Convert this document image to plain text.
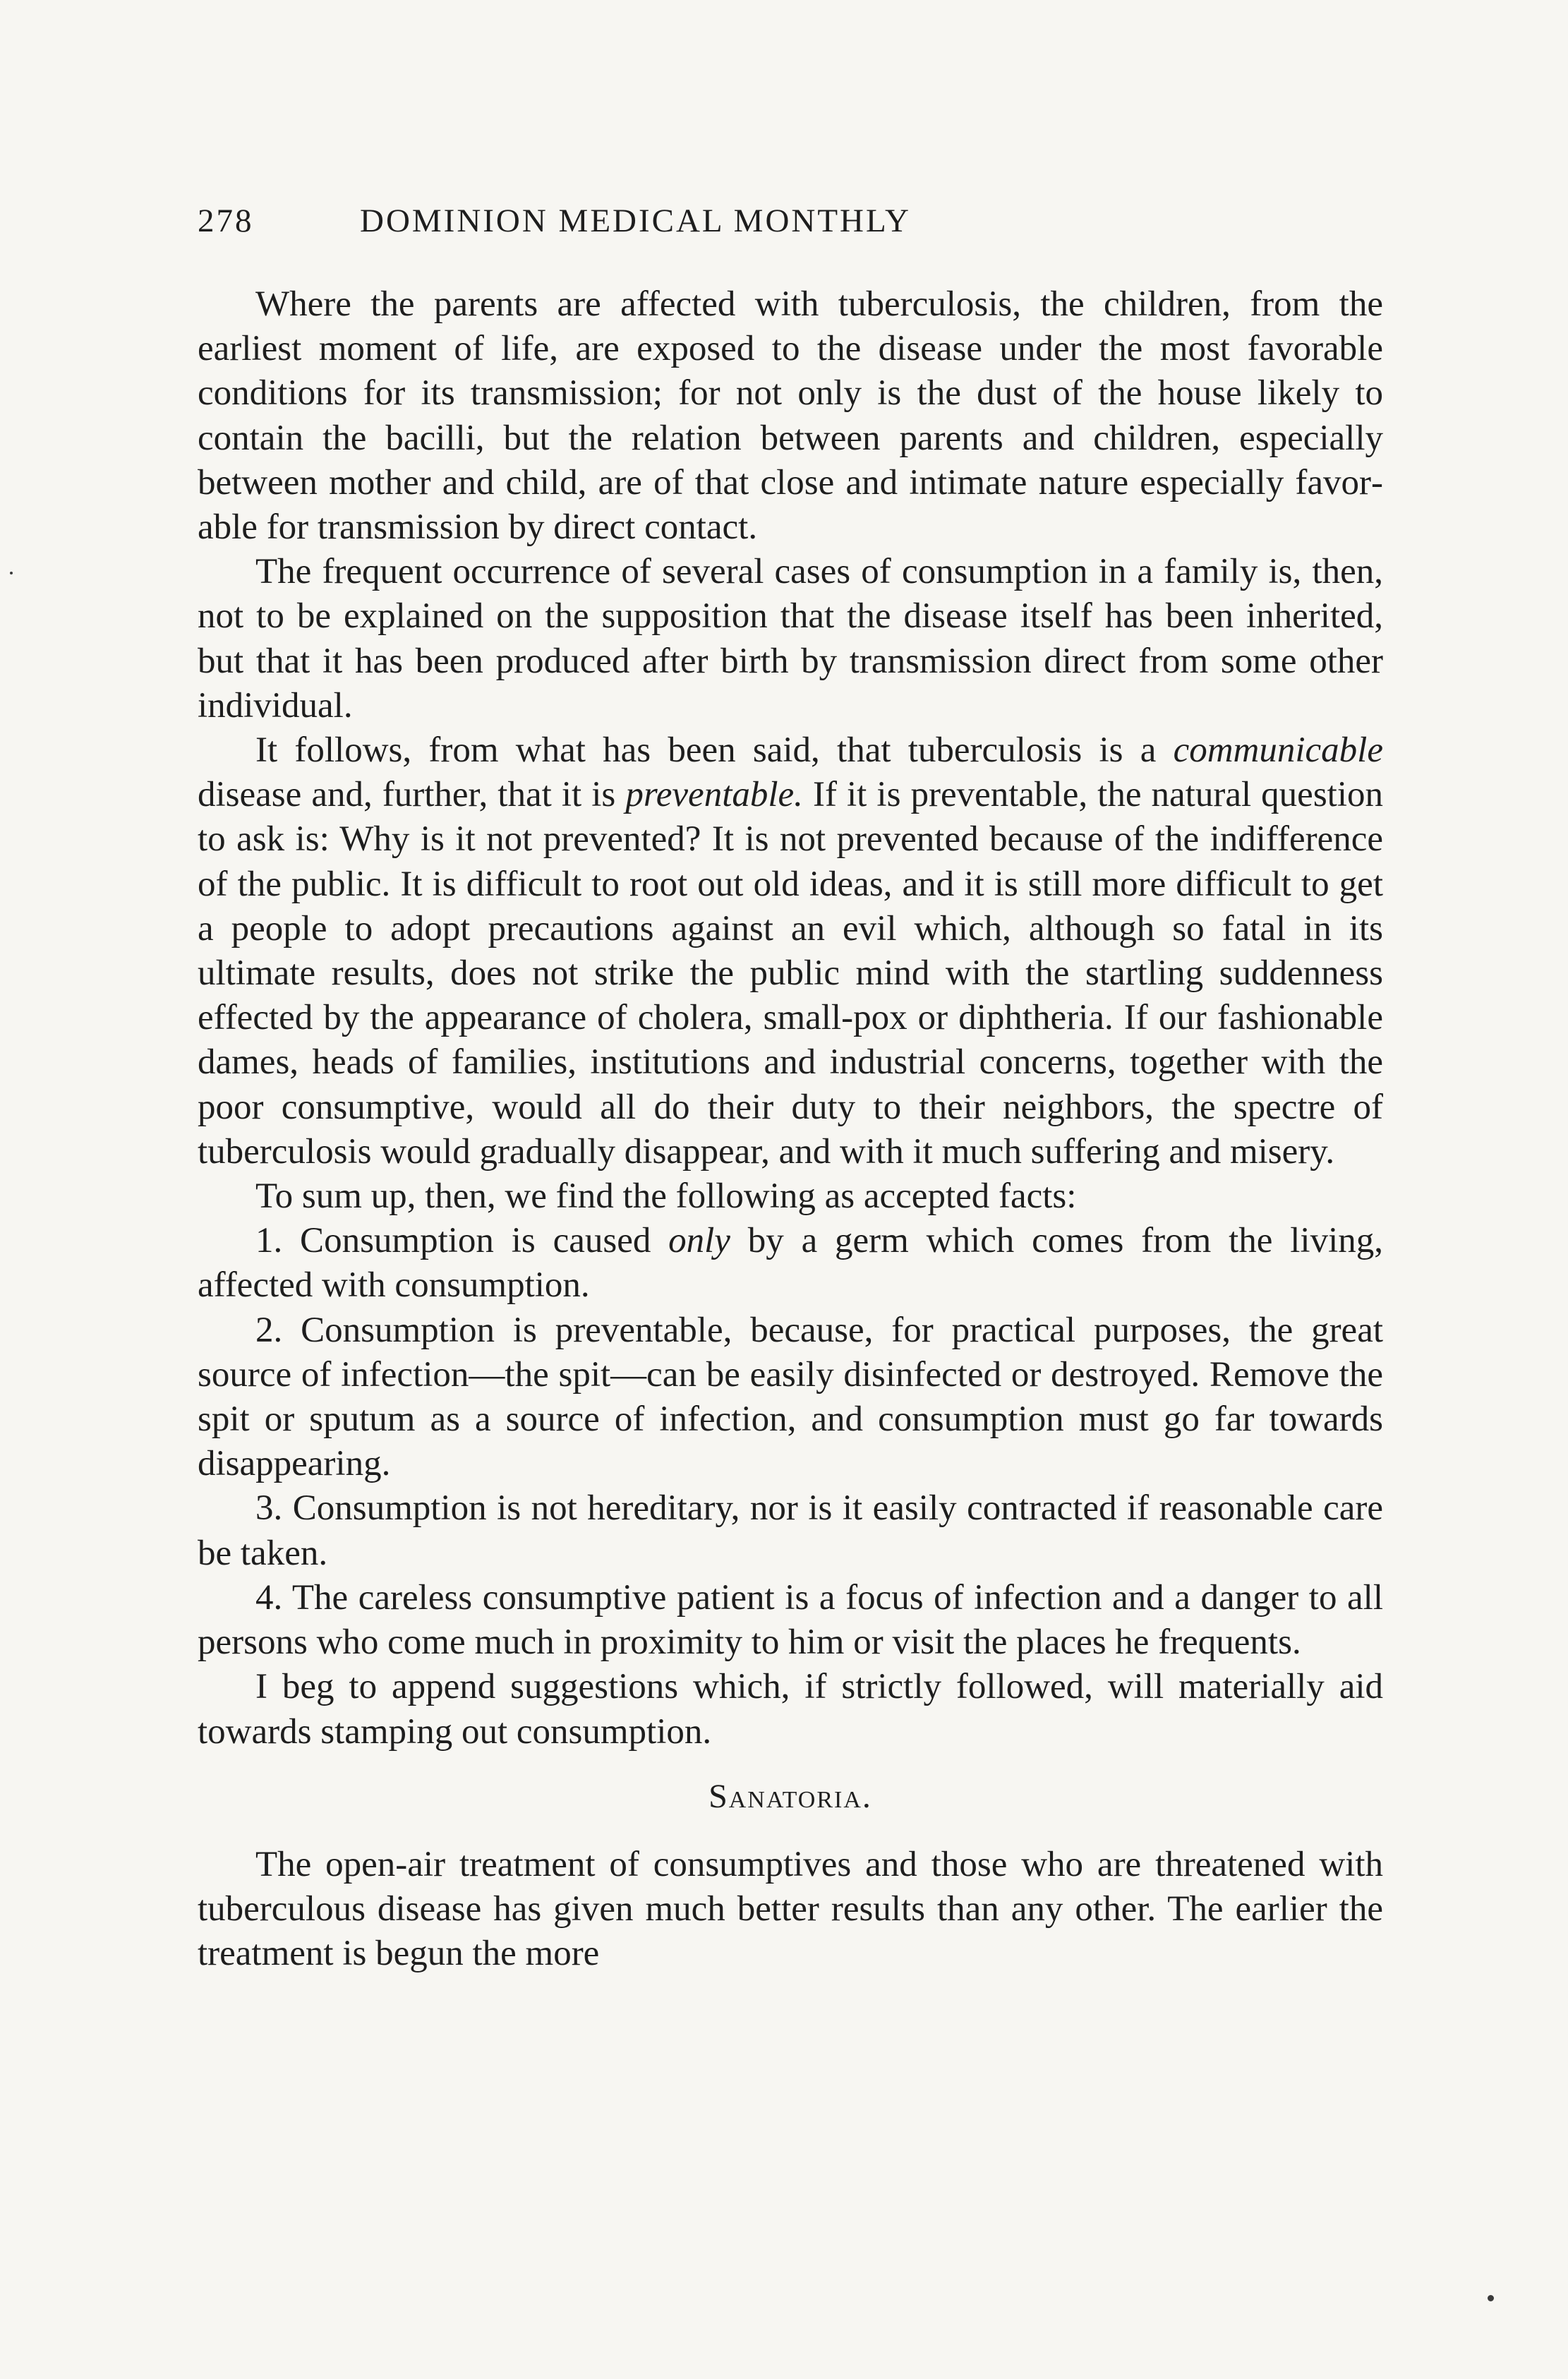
278	DOMINION MEDICAL MONTHLY

Where the parents are affected with tuberculosis, the children, from the earliest moment of life, are exposed to the disease under the most favorable conditions for its transmission; for not only is the dust of the house likely to contain the bacilli, but the relation between parents and children, especially between mother and child, are of that close and intimate nature especially favorable for transmission by direct contact.

The frequent occurrence of several cases of consumption in a family is, then, not to be explained on the supposition that the disease itself has been inherited, but that it has been produced after birth by transmission direct from some other individual.

It follows, from what has been said, that tuberculosis is a communicable disease and, further, that it is preventable. If it is preventable, the natural question to ask is: Why is it not prevented? It is not prevented because of the indifference of the public. It is difficult to root out old ideas, and it is still more difficult to get a people to adopt precautions against an evil which, although so fatal in its ultimate results, does not strike the public mind with the startling suddenness effected by the appearance of cholera, small-pox or diphtheria. If our fashionable dames, heads of families, institutions and industrial concerns, together with the poor consumptive, would all do their duty to their neighbors, the spectre of tuberculosis would gradually disappear, and with it much suffering and misery.

To sum up, then, we find the following as accepted facts:

1. Consumption is caused only by a germ which comes from the living, affected with consumption.

2. Consumption is preventable, because, for practical purposes, the great source of infection—the spit—can be easily disinfected or destroyed. Remove the spit or sputum as a source of infection, and consumption must go far towards disappearing.

3. Consumption is not hereditary, nor is it easily contracted if reasonable care be taken.

4. The careless consumptive patient is a focus of infection and a danger to all persons who come much in proximity to him or visit the places he frequents.

I beg to append suggestions which, if strictly followed, will materially aid towards stamping out consumption.

Sanatoria.

The open-air treatment of consumptives and those who are threatened with tuberculous disease has given much better results than any other. The earlier the treatment is begun the more
